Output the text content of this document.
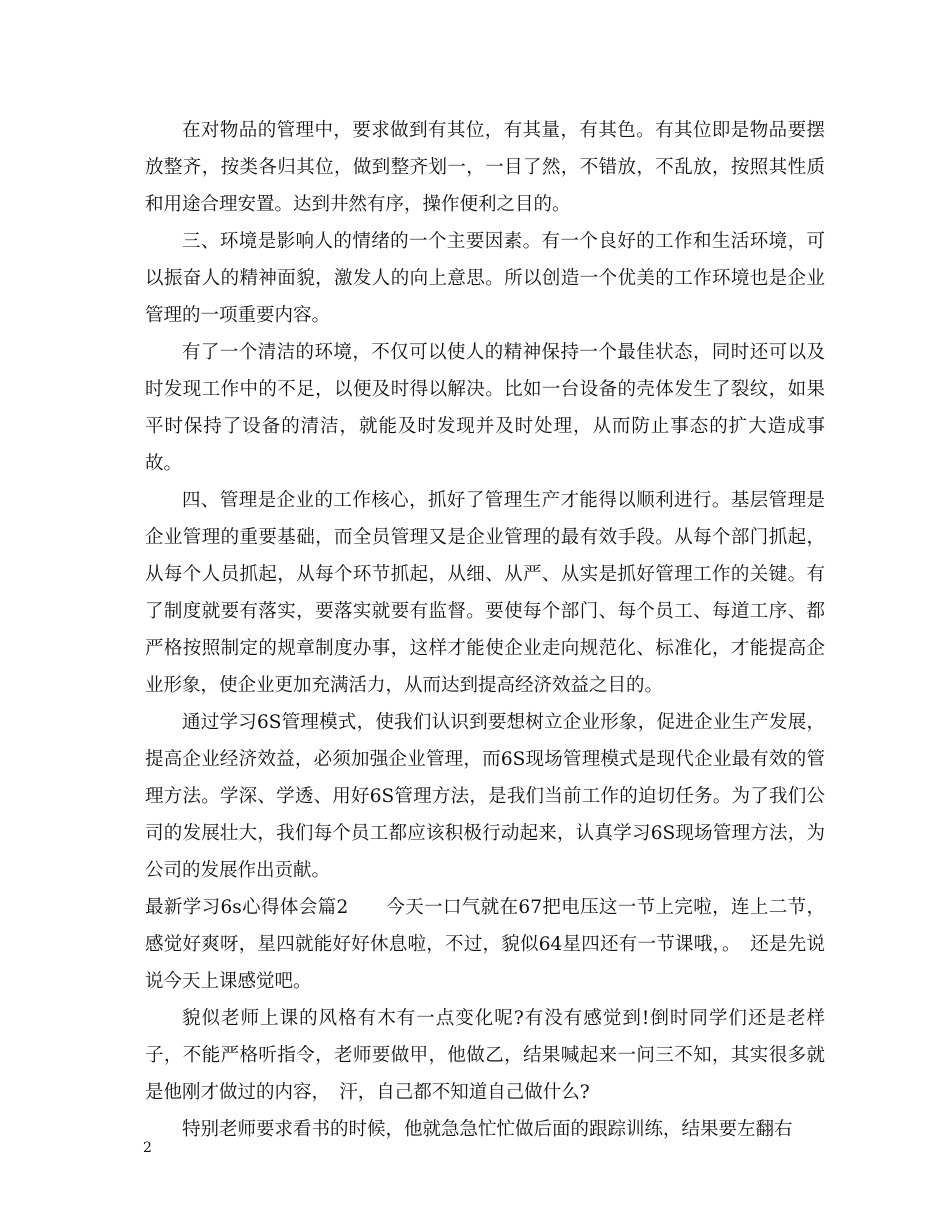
在对物品的管理中，要求做到有其位，有其量，有其色。有其位即是物品要摆放整齐，按类各归其位，做到整齐划一，一目了然，不错放，不乱放，按照其性质和用途合理安置。达到井然有序，操作便利之目的。

三、环境是影响人的情绪的一个主要因素。有一个良好的工作和生活环境，可以振奋人的精神面貌，激发人的向上意思。所以创造一个优美的工作环境也是企业管理的一项重要内容。

有了一个清洁的环境，不仅可以使人的精神保持一个最佳状态，同时还可以及时发现工作中的不足，以便及时得以解决。比如一台设备的壳体发生了裂纹，如果平时保持了设备的清洁，就能及时发现并及时处理，从而防止事态的扩大造成事故。

四、管理是企业的工作核心，抓好了管理生产才能得以顺利进行。基层管理是企业管理的重要基础，而全员管理又是企业管理的最有效手段。从每个部门抓起，从每个人员抓起，从每个环节抓起，从细、从严、从实是抓好管理工作的关键。有了制度就要有落实，要落实就要有监督。要使每个部门、每个员工、每道工序、都严格按照制定的规章制度办事，这样才能使企业走向规范化、标准化，才能提高企业形象，使企业更加充满活力，从而达到提高经济效益之目的。

通过学习6S管理模式，使我们认识到要想树立企业形象，促进企业生产发展，提高企业经济效益，必须加强企业管理，而6S现场管理模式是现代企业最有效的管理方法。学深、学透、用好6S管理方法，是我们当前工作的迫切任务。为了我们公司的发展壮大，我们每个员工都应该积极行动起来，认真学习6S现场管理方法，为公司的发展作出贡献。

最新学习6s心得体会篇2　　今天一口气就在67把电压这一节上完啦，连上二节，感觉好爽呀，星四就能好好休息啦，不过，貌似64星四还有一节课哦，。　还是先说说今天上课感觉吧。

貌似老师上课的风格有木有一点变化呢?有没有感觉到!倒时同学们还是老样子，不能严格听指令，老师要做甲，他做乙，结果喊起来一问三不知，其实很多就是他刚才做过的内容，　汗，自己都不知道自己做什么?

特别老师要求看书的时候，他就急急忙忙做后面的跟踪训练，结果要左翻右

2
